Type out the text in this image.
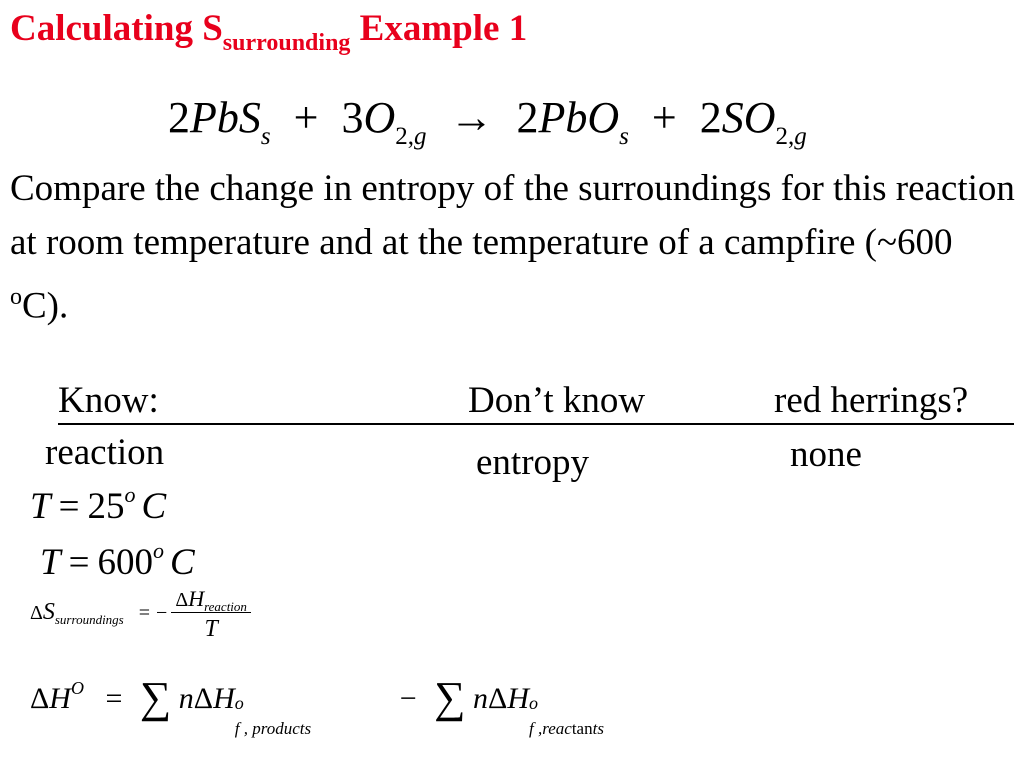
Calculating $S_{surrounding}$ Example 1
$2PbS_s + 3O_{2,g} \to 2PbO_s + 2SO_{2,g}$
Compare the change in entropy of the surroundings for this reaction at room temperature and at the temperature of a campfire (~600 $^o$C).
Know:	Don’t know	red herrings?
reaction	entropy	none
$T = 25^o$ C
$T = 600^o$ C
$\Delta S_{surroundings}$ = − $\frac{\Delta H_{reaction}}{T}$
$\Delta H^O$ = ∑ nΔH o
f , products
− ∑ nΔH o
f ,reactants
